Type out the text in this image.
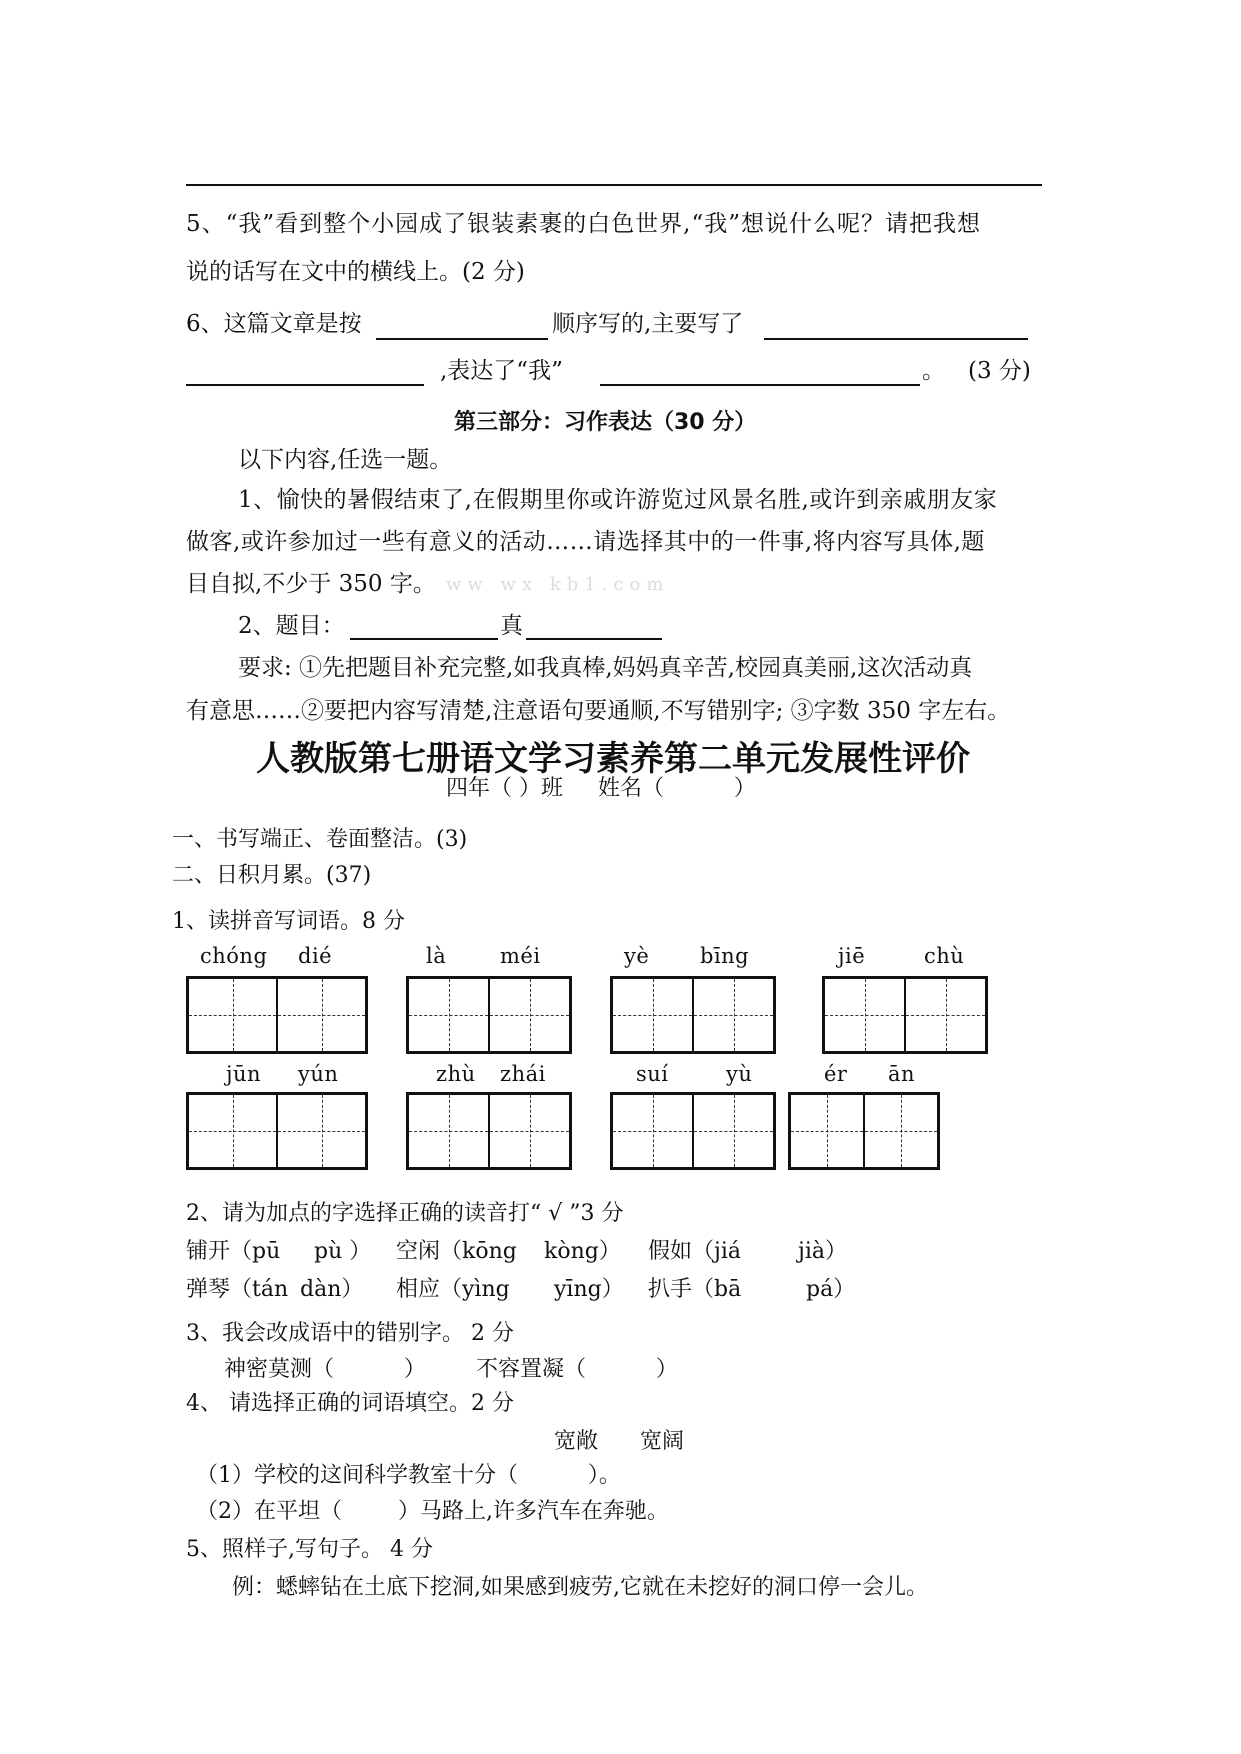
5、“我”看到整个小园成了银装素裹的白色世界,“我”想说什么呢？请把我想
说的话写在文中的横线上。(2 分)
6、这篇文章是按	顺序写的,主要写了
,表达了“我”	。 (3 分)
第三部分：习作表达（30 分）
以下内容,任选一题。
1、愉快的暑假结束了,在假期里你或许游览过风景名胜,或许到亲戚朋友家
做客,或许参加过一些有意义的活动……请选择其中的一件事,将内容写具体,题
目自拟,不少于 350 字。 ww wx kb1.com
2、题目：	真
要求: ①先把题目补充完整,如我真棒,妈妈真辛苦,校园真美丽,这次活动真
有意思……②要把内容写清楚,注意语句要通顺,不写错别字; ③字数 350 字左右。
人教版第七册语文学习素养第二单元发展性评价
四年（ ）班     姓名（          ）
一、书写端正、卷面整洁。(3)
二、日积月累。(37)
1、读拼音写词语。8 分
chóng dié	là	méi	yè bīng	jiē	chù
jūn yún	zhù zhái	suí	yù	ér ān
2、请为加点的字选择正确的读音打“ √ ”3 分
铺开（pū pù ） 空闲（kōng kòng） 假如（jiá	jià）
弹琴（tán dàn） 相应（yìng yīng） 扒手（bā	pá）
3、我会改成语中的错别字。 2 分
神密莫测（          ） 不容置凝（          ）
4、 请选择正确的词语填空。2 分
宽敞      宽阔
（1）学校的这间科学教室十分（          ）。
（2）在平坦（        ）马路上,许多汽车在奔驰。
5、照样子,写句子。 4 分
例：蟋蟀钻在土底下挖洞,如果感到疲劳,它就在未挖好的洞口停一会儿。
